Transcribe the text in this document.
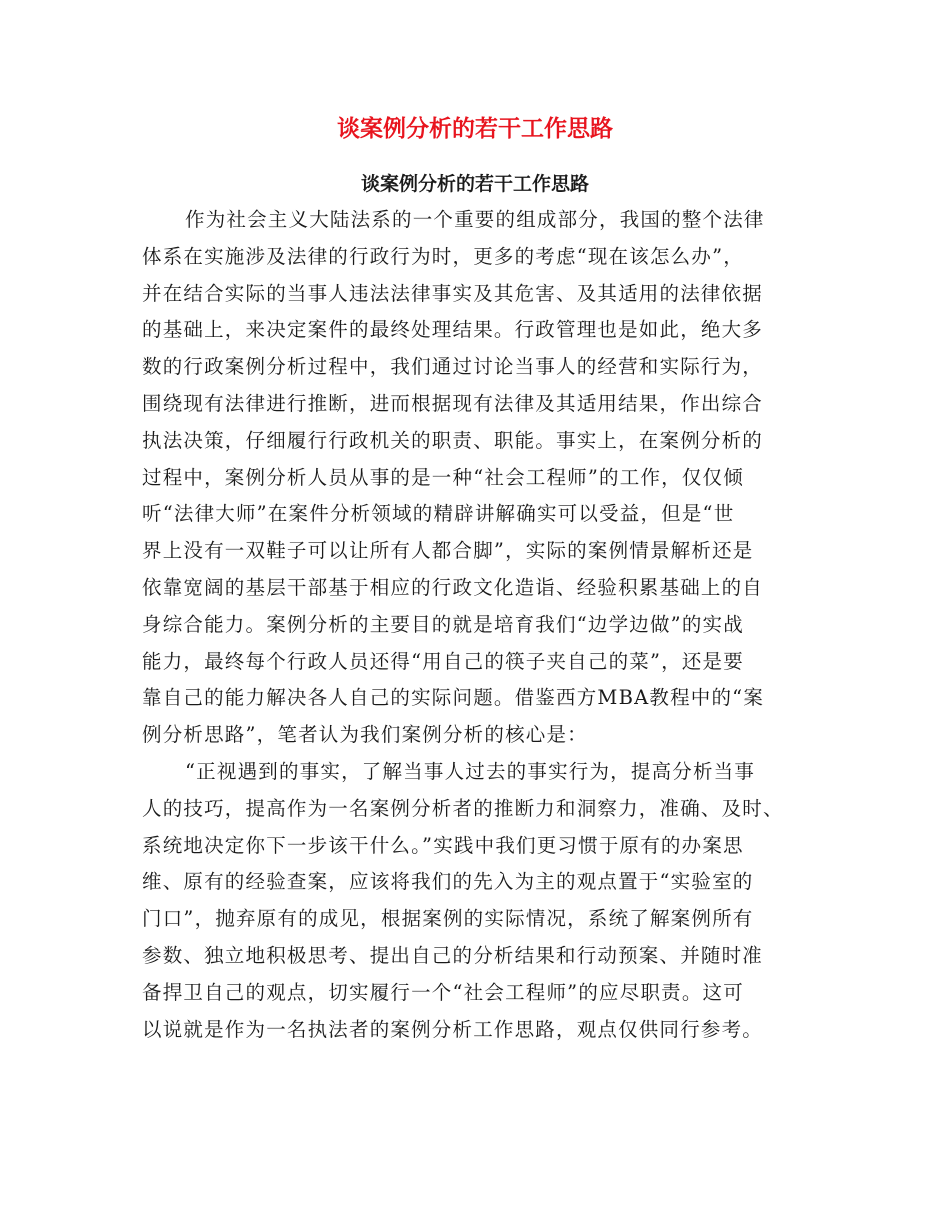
谈案例分析的若干工作思路
谈案例分析的若干工作思路
作为社会主义大陆法系的一个重要的组成部分，我国的整个法律
体系在实施涉及法律的行政行为时，更多的考虑“现在该怎么办”，
并在结合实际的当事人违法法律事实及其危害、及其适用的法律依据
的基础上，来决定案件的最终处理结果。行政管理也是如此，绝大多
数的行政案例分析过程中，我们通过讨论当事人的经营和实际行为，
围绕现有法律进行推断，进而根据现有法律及其适用结果，作出综合
执法决策，仔细履行行政机关的职责、职能。事实上，在案例分析的
过程中，案例分析人员从事的是一种“社会工程师”的工作，仅仅倾
听“法律大师”在案件分析领域的精辟讲解确实可以受益，但是“世
界上没有一双鞋子可以让所有人都合脚”，实际的案例情景解析还是
依靠宽阔的基层干部基于相应的行政文化造诣、经验积累基础上的自
身综合能力。案例分析的主要目的就是培育我们“边学边做”的实战
能力，最终每个行政人员还得“用自己的筷子夹自己的菜”，还是要
靠自己的能力解决各人自己的实际问题。借鉴西方MBA教程中的“案
例分析思路”，笔者认为我们案例分析的核心是：
“正视遇到的事实，了解当事人过去的事实行为，提高分析当事
人的技巧，提高作为一名案例分析者的推断力和洞察力，准确、及时、
系统地决定你下一步该干什么。”实践中我们更习惯于原有的办案思
维、原有的经验查案，应该将我们的先入为主的观点置于“实验室的
门口”，抛弃原有的成见，根据案例的实际情况，系统了解案例所有
参数、独立地积极思考、提出自己的分析结果和行动预案、并随时准
备捍卫自己的观点，切实履行一个“社会工程师”的应尽职责。这可
以说就是作为一名执法者的案例分析工作思路，观点仅供同行参考。
